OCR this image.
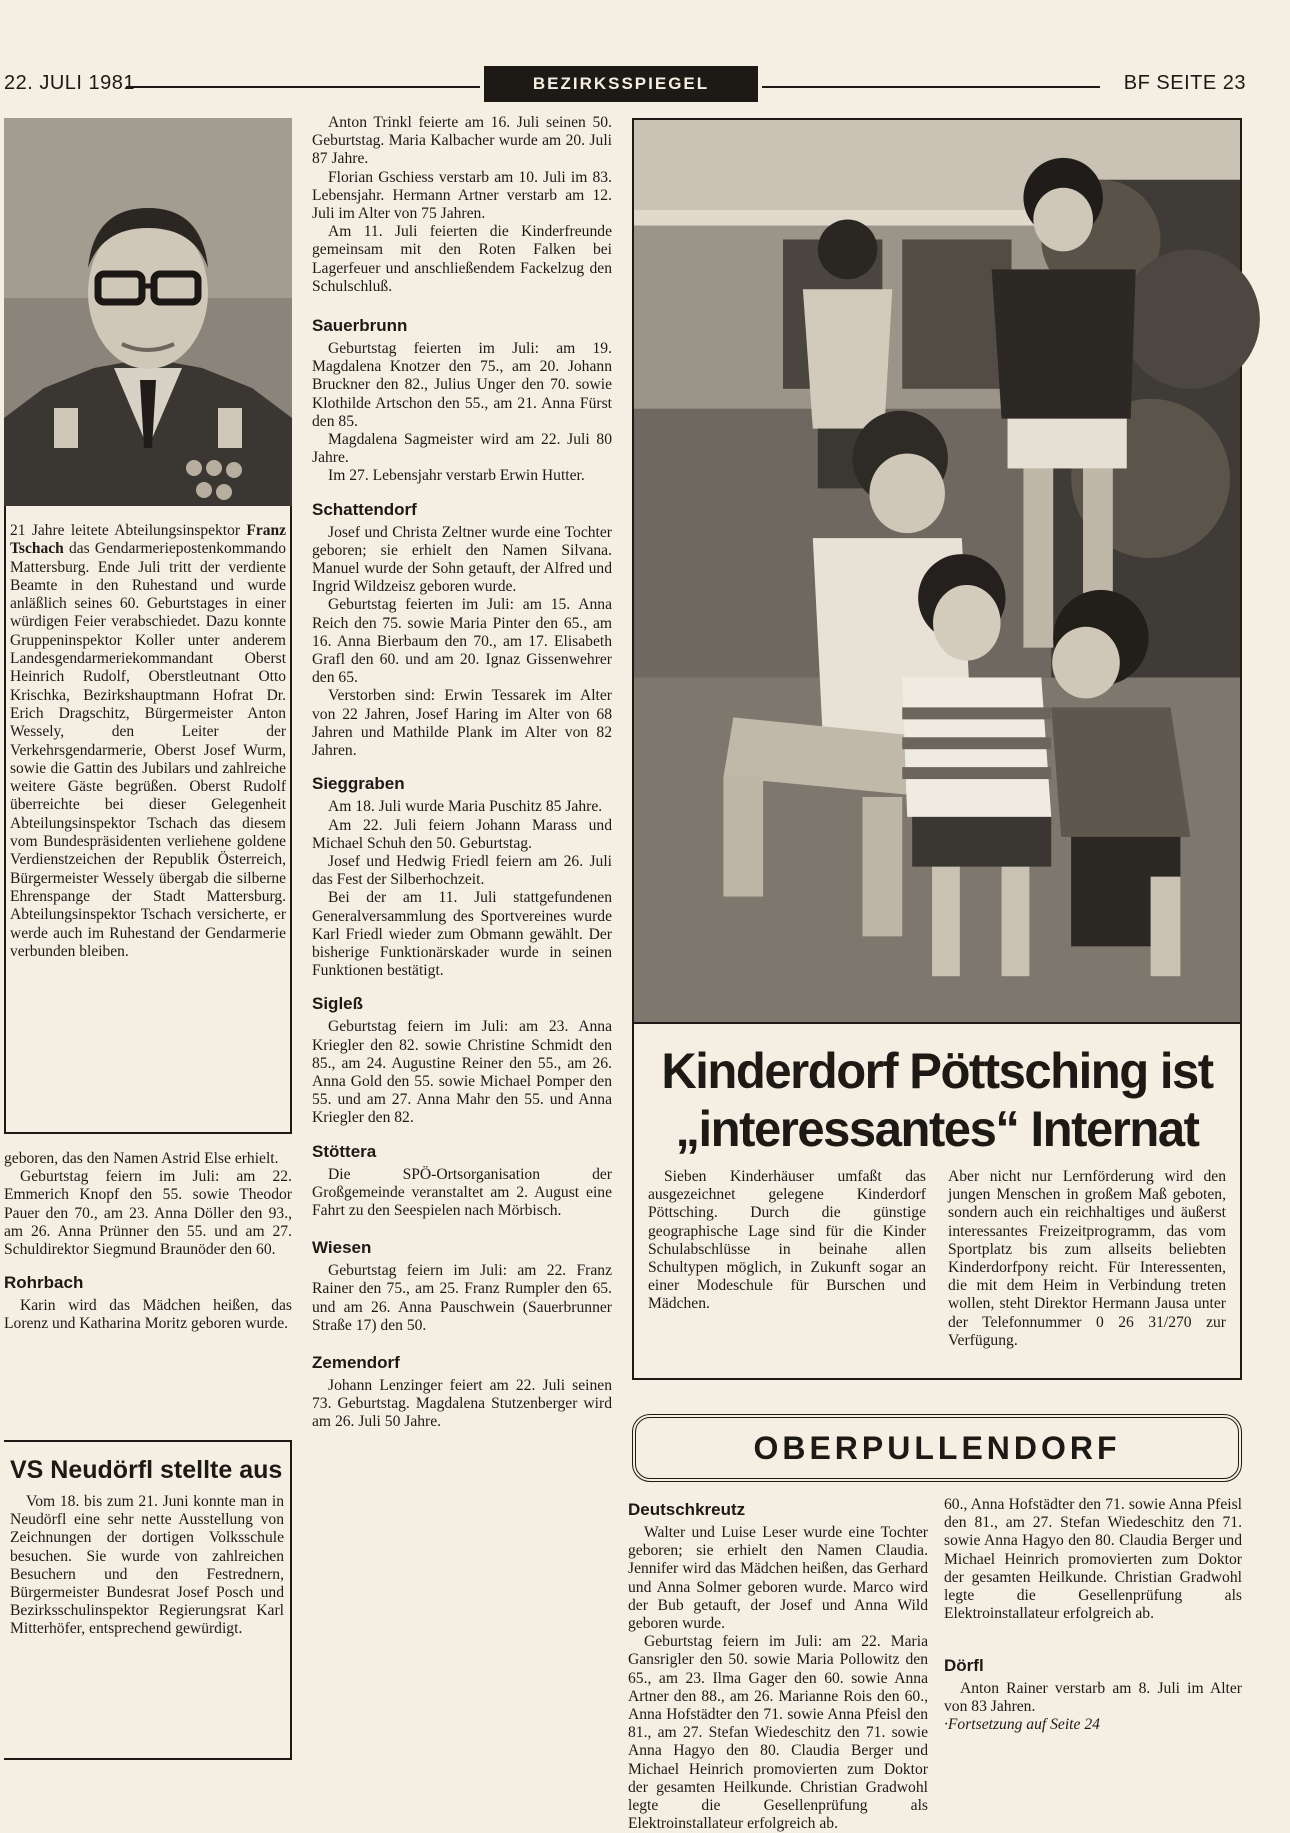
22. JULI 1981	BEZIRKSSPIEGEL	BF SEITE 23

21 Jahre leitete Abteilungsinspektor Franz Tschach das Gendarmeriepostenkommando Mattersburg. Ende Juli tritt der verdiente Beamte in den Ruhestand und wurde anläßlich seines 60. Geburtstages in einer würdigen Feier verabschiedet. Dazu konnte Gruppeninspektor Koller unter anderem Landesgendarmeriekommandant Oberst Heinrich Rudolf, Oberstleutnant Otto Krischka, Bezirkshauptmann Hofrat Dr. Erich Dragschitz, Bürgermeister Anton Wessely, den Leiter der Verkehrsgendarmerie, Oberst Josef Wurm, sowie die Gattin des Jubilars und zahlreiche weitere Gäste begrüßen. Oberst Rudolf überreichte bei dieser Gelegenheit Abteilungsinspektor Tschach das diesem vom Bundespräsidenten verliehene goldene Verdienstzeichen der Republik Österreich, Bürgermeister Wessely übergab die silberne Ehrenspange der Stadt Mattersburg. Abteilungsinspektor Tschach versicherte, er werde auch im Ruhestand der Gendarmerie verbunden bleiben.

geboren, das den Namen Astrid Else erhielt.

Geburtstag feiern im Juli: am 22. Emmerich Knopf den 55. sowie Theodor Pauer den 70., am 23. Anna Döller den 93., am 26. Anna Prünner den 55. und am 27. Schuldirektor Siegmund Braunöder den 60.

Rohrbach

Karin wird das Mädchen heißen, das Lorenz und Katharina Moritz geboren wurde.

VS Neudörfl stellte aus

Vom 18. bis zum 21. Juni konnte man in Neudörfl eine sehr nette Ausstellung von Zeichnungen der dortigen Volksschule besuchen. Sie wurde von zahlreichen Besuchern und den Festrednern, Bürgermeister Bundesrat Josef Posch und Bezirksschulinspektor Regierungsrat Karl Mitterhöfer, entsprechend gewürdigt.

Anton Trinkl feierte am 16. Juli seinen 50. Geburtstag. Maria Kalbacher wurde am 20. Juli 87 Jahre.

Florian Gschiess verstarb am 10. Juli im 83. Lebensjahr. Hermann Artner verstarb am 12. Juli im Alter von 75 Jahren.

Am 11. Juli feierten die Kinderfreunde gemeinsam mit den Roten Falken bei Lagerfeuer und anschließendem Fackelzug den Schulschluß.

Sauerbrunn

Geburtstag feierten im Juli: am 19. Magdalena Knotzer den 75., am 20. Johann Bruckner den 82., Julius Unger den 70. sowie Klothilde Artschon den 55., am 21. Anna Fürst den 85.

Magdalena Sagmeister wird am 22. Juli 80 Jahre.

Im 27. Lebensjahr verstarb Erwin Hutter.

Schattendorf

Josef und Christa Zeltner wurde eine Tochter geboren; sie erhielt den Namen Silvana. Manuel wurde der Sohn getauft, der Alfred und Ingrid Wildzeisz geboren wurde.

Geburtstag feierten im Juli: am 15. Anna Reich den 75. sowie Maria Pinter den 65., am 16. Anna Bierbaum den 70., am 17. Elisabeth Grafl den 60. und am 20. Ignaz Gissenwehrer den 65.

Verstorben sind: Erwin Tessarek im Alter von 22 Jahren, Josef Haring im Alter von 68 Jahren und Mathilde Plank im Alter von 82 Jahren.

Sieggraben

Am 18. Juli wurde Maria Puschitz 85 Jahre.

Am 22. Juli feiern Johann Marass und Michael Schuh den 50. Geburtstag.

Josef und Hedwig Friedl feiern am 26. Juli das Fest der Silberhochzeit.

Bei der am 11. Juli stattgefundenen Generalversammlung des Sportvereines wurde Karl Friedl wieder zum Obmann gewählt. Der bisherige Funktionärskader wurde in seinen Funktionen bestätigt.

Sigleß

Geburtstag feiern im Juli: am 23. Anna Kriegler den 82. sowie Christine Schmidt den 85., am 24. Augustine Reiner den 55., am 26. Anna Gold den 55. sowie Michael Pomper den 55. und am 27. Anna Mahr den 55. und Anna Kriegler den 82.

Stöttera

Die SPÖ-Ortsorganisation der Großgemeinde veranstaltet am 2. August eine Fahrt zu den Seespielen nach Mörbisch.

Wiesen

Geburtstag feiern im Juli: am 22. Franz Rainer den 75., am 25. Franz Rumpler den 65. und am 26. Anna Pauschwein (Sauerbrunner Straße 17) den 50.

Zemendorf

Johann Lenzinger feiert am 22. Juli seinen 73. Geburtstag. Magdalena Stutzenberger wird am 26. Juli 50 Jahre.

Kinderdorf Pöttsching ist
„interessantes“ Internat

Sieben Kinderhäuser umfaßt das ausgezeichnet gelegene Kinderdorf Pöttsching. Durch die günstige geographische Lage sind für die Kinder Schulabschlüsse in beinahe allen Schultypen möglich, in Zukunft sogar an einer Modeschule für Burschen und Mädchen.

Aber nicht nur Lernförderung wird den jungen Menschen in großem Maß geboten, sondern auch ein reichhaltiges und äußerst interessantes Freizeitprogramm, das vom Sportplatz bis zum allseits beliebten Kinderdorfpony reicht. Für Interessenten, die mit dem Heim in Verbindung treten wollen, steht Direktor Hermann Jausa unter der Telefonnummer 0 26 31/270 zur Verfügung.

OBERPULLENDORF
Deutschkreutz

Walter und Luise Leser wurde eine Tochter geboren; sie erhielt den Namen Claudia. Jennifer wird das Mädchen heißen, das Gerhard und Anna Solmer geboren wurde. Marco wird der Bub getauft, der Josef und Anna Wild geboren wurde.

Geburtstag feiern im Juli: am 22. Maria Gansrigler den 50. sowie Maria Pollowitz den 65., am 23. Ilma Gager den 60. sowie Anna Artner den 88., am 26. Marianne Rois den 60., Anna Hofstädter den 71. sowie Anna Pfeisl den 81., am 27. Stefan Wiedeschitz den 71. sowie Anna Hagyo den 80. Claudia Berger und Michael Heinrich promovierten zum Doktor der gesamten Heilkunde. Christian Gradwohl legte die Gesellenprüfung als Elektroinstallateur erfolgreich ab.

60., Anna Hofstädter den 71. sowie Anna Pfeisl den 81., am 27. Stefan Wiedeschitz den 71. sowie Anna Hagyo den 80. Claudia Berger und Michael Heinrich promovierten zum Doktor der gesamten Heilkunde. Christian Gradwohl legte die Gesellenprüfung als Elektroinstallateur erfolgreich ab.

Dörfl

Anton Rainer verstarb am 8. Juli im Alter von 83 Jahren.

·Fortsetzung auf Seite 24
